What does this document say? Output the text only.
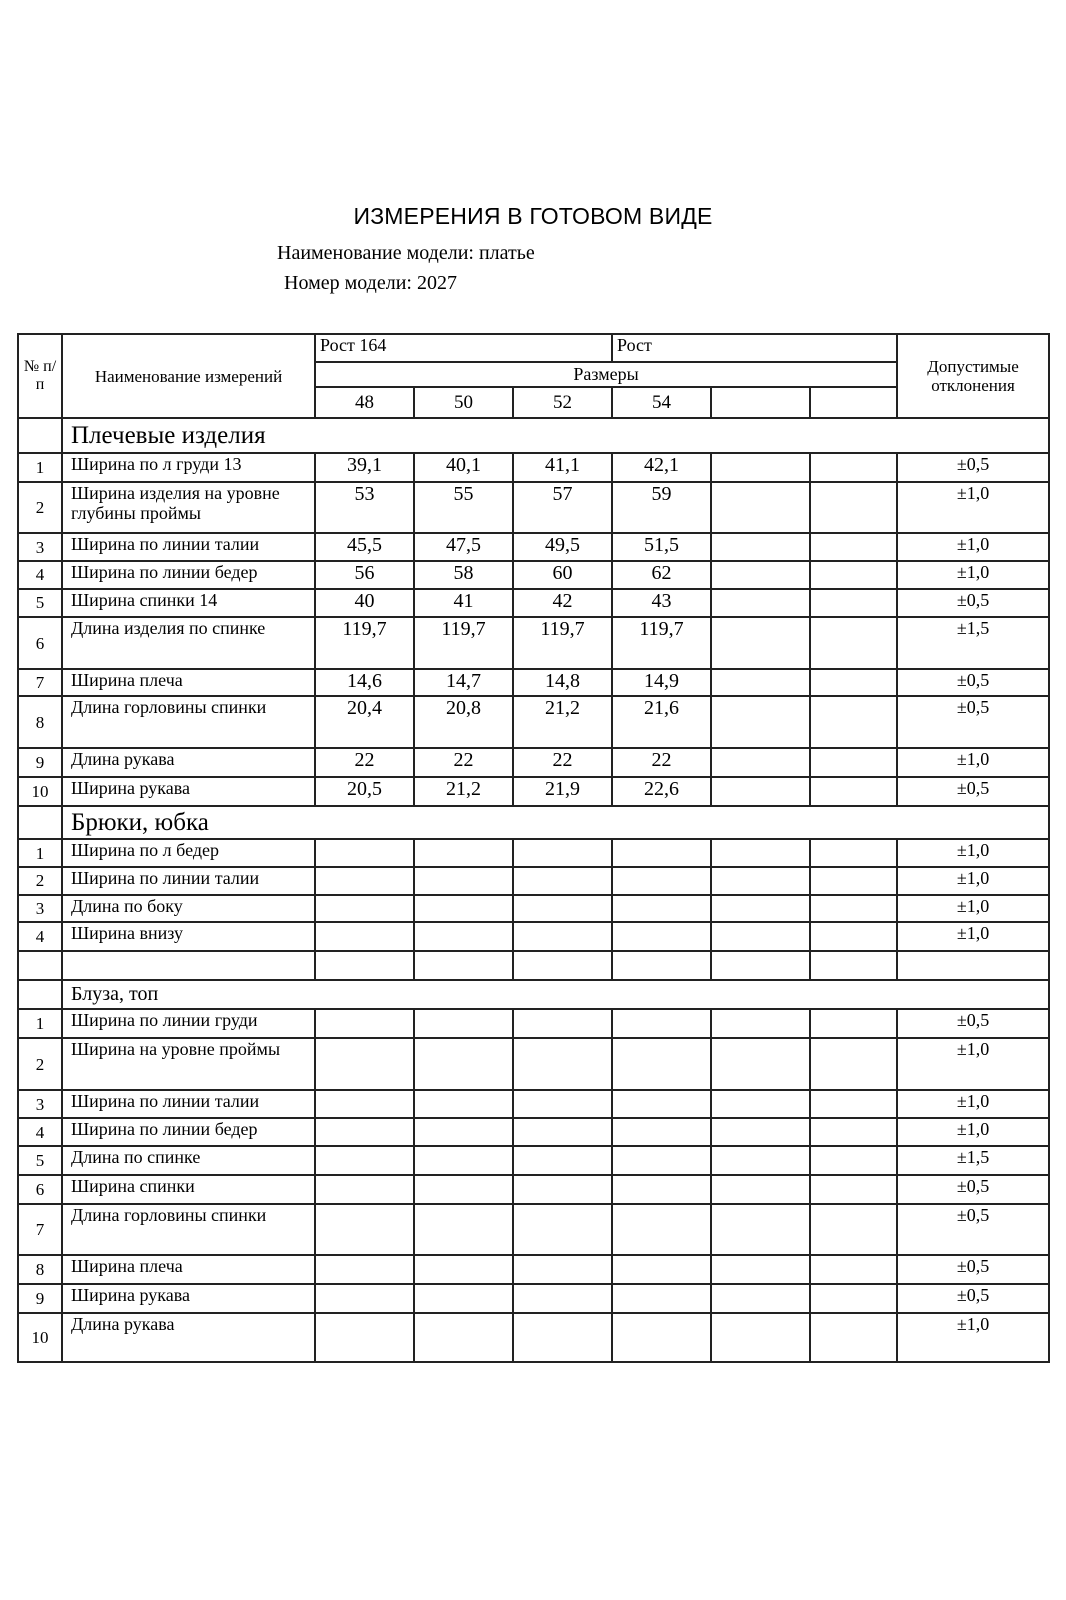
ИЗМЕРЕНИЯ В ГОТОВОМ ВИДЕ
Наименование модели: платье
Номер модели: 2027
№ п/ п	Наименование измерений	Рост 164			Рост			Допустимые отклонения
		Размеры						
		48	50	52	54			
	Плечевые изделия							
1	Ширина по л груди 13	39,1	40,1	41,1	42,1			±0,5
2	Ширина изделия на уровне глубины проймы	53	55	57	59			±1,0
3	Ширина по линии талии	45,5	47,5	49,5	51,5			±1,0
4	Ширина по линии бедер	56	58	60	62			±1,0
5	Ширина спинки 14	40	41	42	43			±0,5
6	Длина изделия по спинке	119,7	119,7	119,7	119,7			±1,5
7	Ширина плеча	14,6	14,7	14,8	14,9			±0,5
8	Длина горловины спинки	20,4	20,8	21,2	21,6			±0,5
9	Длина рукава	22	22	22	22			±1,0
10	Ширина рукава	20,5	21,2	21,9	22,6			±0,5
	Брюки, юбка							
1	Ширина по л бедер							±1,0
2	Ширина по линии талии							±1,0
3	Длина по боку							±1,0
4	Ширина внизу							±1,0

	Блуза, топ							
1	Ширина по линии груди							±0,5
2	Ширина на уровне проймы							±1,0
3	Ширина по линии талии							±1,0
4	Ширина по линии бедер							±1,0
5	Длина по спинке							±1,5
6	Ширина спинки							±0,5
7	Длина горловины спинки							±0,5
8	Ширина плеча							±0,5
9	Ширина рукава							±0,5
10	Длина рукава							±1,0
